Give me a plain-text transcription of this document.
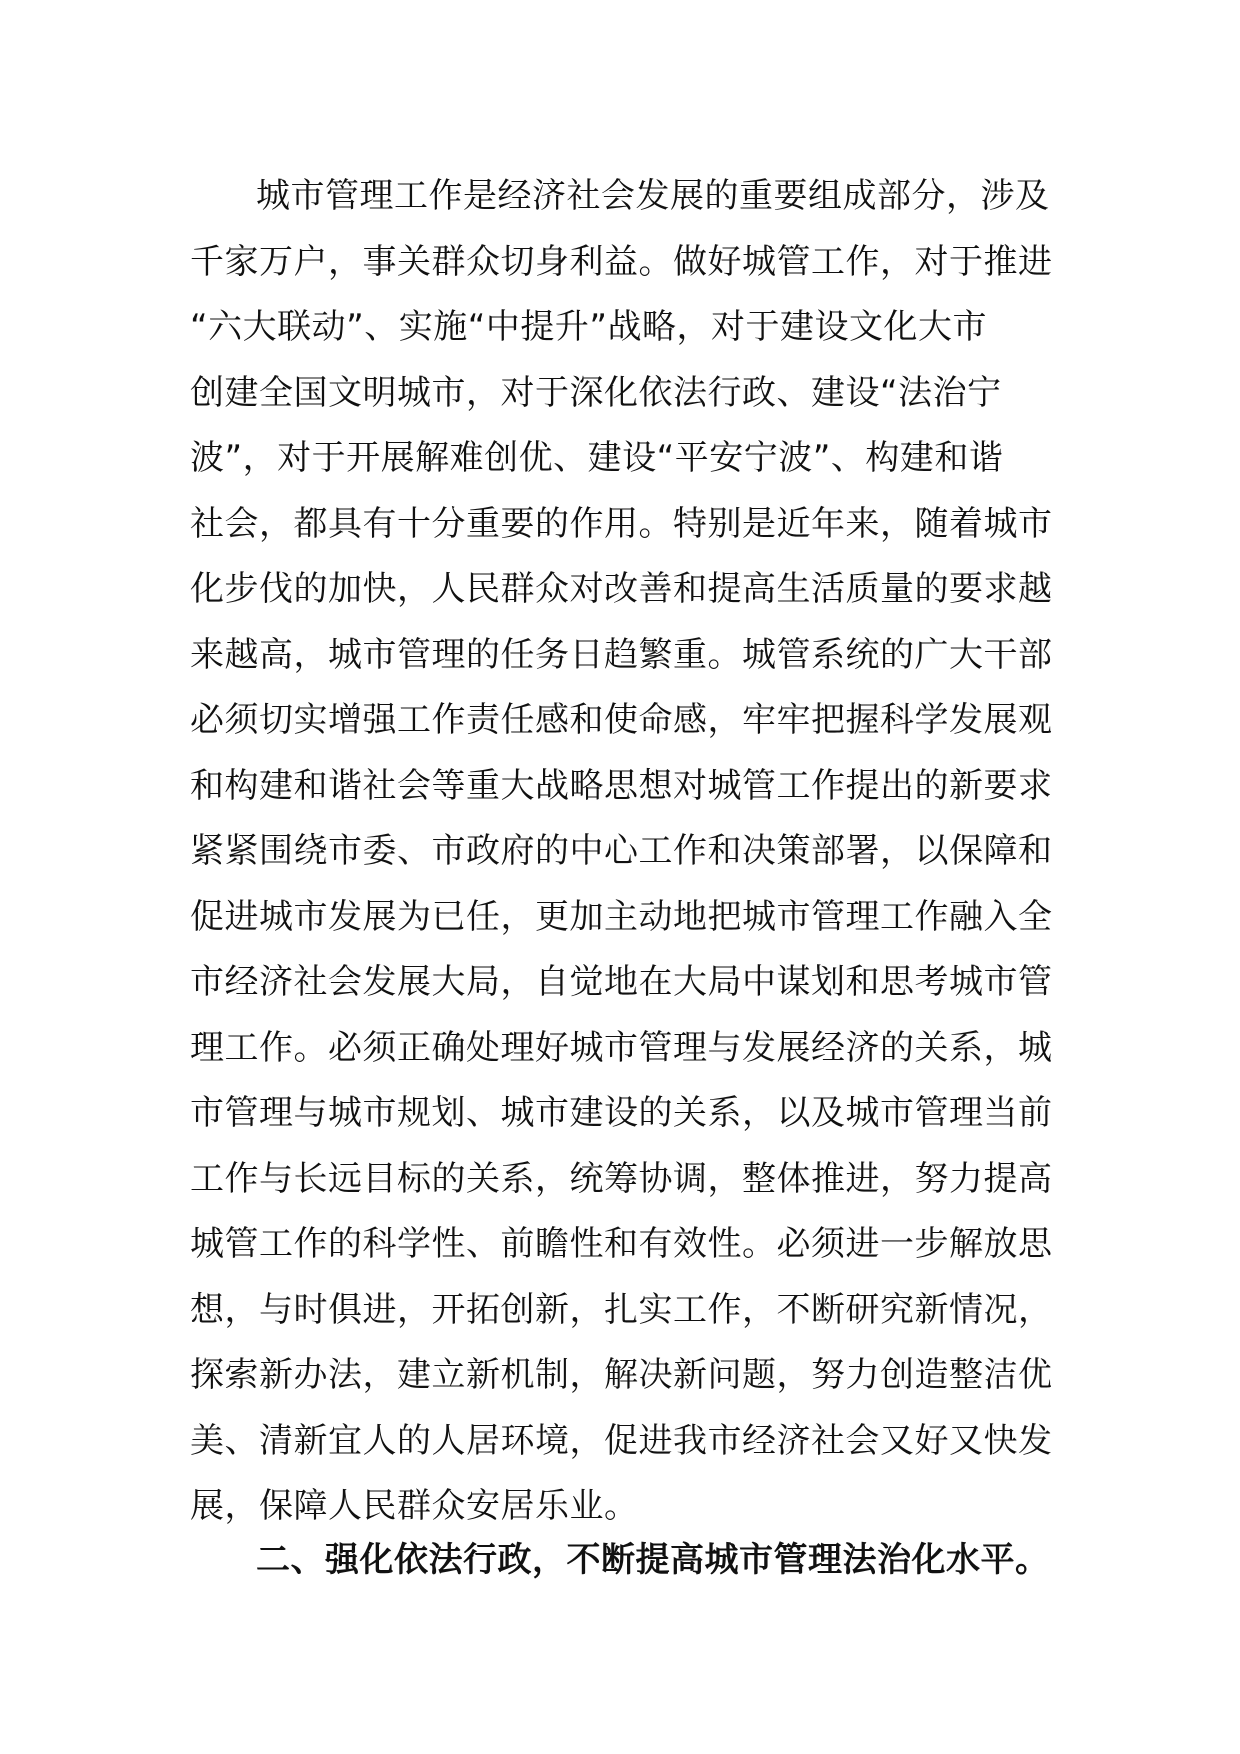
城市管理工作是经济社会发展的重要组成部分，涉及
千家万户，事关群众切身利益。做好城管工作，对于推进
“六大联动”、实施“中提升”战略，对于建设文化大市
创建全国文明城市，对于深化依法行政、建设“法治宁
波”，对于开展解难创优、建设“平安宁波”、构建和谐
社会，都具有十分重要的作用。特别是近年来，随着城市
化步伐的加快，人民群众对改善和提高生活质量的要求越
来越高，城市管理的任务日趋繁重。城管系统的广大干部
必须切实增强工作责任感和使命感，牢牢把握科学发展观
和构建和谐社会等重大战略思想对城管工作提出的新要求
紧紧围绕市委、市政府的中心工作和决策部署，以保障和
促进城市发展为已任，更加主动地把城市管理工作融入全
市经济社会发展大局，自觉地在大局中谋划和思考城市管
理工作。必须正确处理好城市管理与发展经济的关系，城
市管理与城市规划、城市建设的关系，以及城市管理当前
工作与长远目标的关系，统筹协调，整体推进，努力提高
城管工作的科学性、前瞻性和有效性。必须进一步解放思
想，与时俱进，开拓创新，扎实工作，不断研究新情况，
探索新办法，建立新机制，解决新问题，努力创造整洁优
美、清新宜人的人居环境，促进我市经济社会又好又快发
展，保障人民群众安居乐业。
二、强化依法行政，不断提高城市管理法治化水平。
